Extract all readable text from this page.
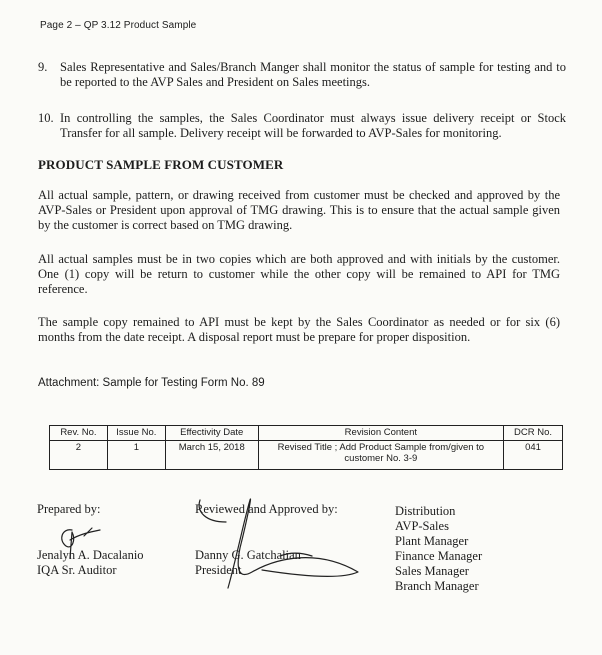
Page 2 – QP 3.12 Product Sample
9.	Sales Representative and Sales/Branch Manger shall monitor the status of sample for testing and to be reported to the AVP Sales and President on Sales meetings.
10. In controlling the samples, the Sales Coordinator must always issue delivery receipt or Stock Transfer for all sample. Delivery receipt will be forwarded to AVP-Sales for monitoring.
PRODUCT SAMPLE FROM CUSTOMER
All actual sample, pattern, or drawing received from customer must be checked and approved by the AVP-Sales or President upon approval of TMG drawing. This is to ensure that the actual sample given by the customer is correct based on TMG drawing.
All actual samples must be in two copies which are both approved and with initials by the customer. One (1) copy will be return to customer while the other copy will be remained to API for TMG reference.
The sample copy remained to API must be kept by the Sales Coordinator as needed or for six (6) months from the date receipt. A disposal report must be prepare for proper disposition.
Attachment: Sample for Testing Form No. 89
Rev. No.	Issue No.	Effectivity Date	Revision Content	DCR No.
2	1	March 15, 2018	Revised Title ; Add Product Sample from/given to customer No. 3-9	041
Prepared by:
Jenalyn A. Dacalanio
IQA Sr. Auditor
Reviewed and Approved by:
Danny G. Gatchalian
President
Distribution
AVP-Sales
Plant Manager
Finance Manager
Sales Manager
Branch Manager
